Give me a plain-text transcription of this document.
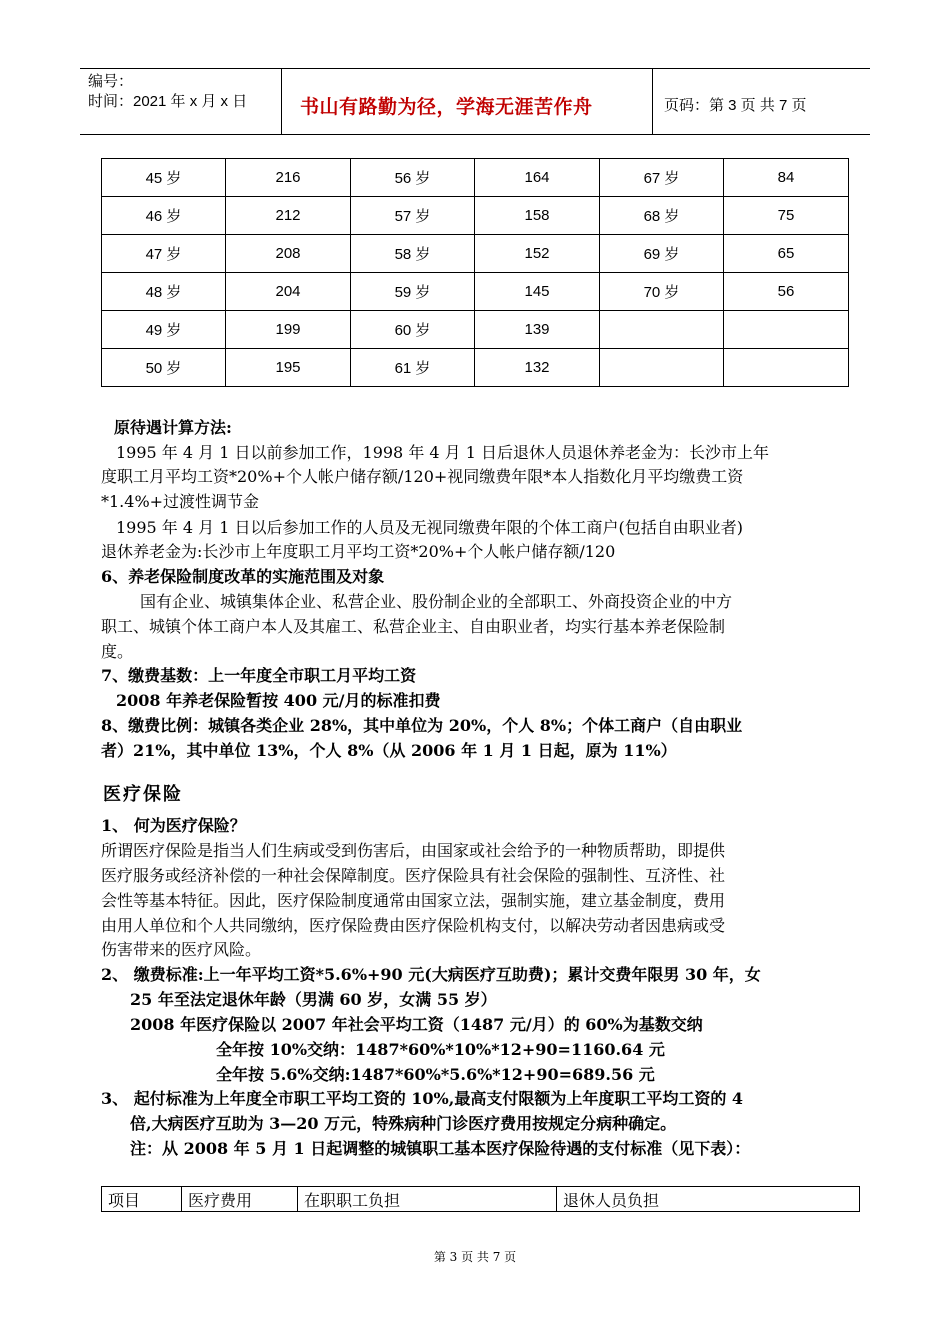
编号：
时间：2021 年 x 月 x 日	书山有路勤为径，学海无涯苦作舟	页码：第 3 页 共 7 页
45 岁	216	56 岁	164	67 岁	84
46 岁	212	57 岁	158	68 岁	75
47 岁	208	58 岁	152	69 岁	65
48 岁	204	59 岁	145	70 岁	56
49 岁	199	60 岁	139		
50 岁	195	61 岁	132		
原待遇计算方法:
1995 年 4 月 1 日以前参加工作，1998 年 4 月 1 日后退休人员退休养老金为：长沙市上年
度职工月平均工资*20%+个人帐户储存额/120+视同缴费年限*本人指数化月平均缴费工资
*1.4%+过渡性调节金
1995 年 4 月 1 日以后参加工作的人员及无视同缴费年限的个体工商户(包括自由职业者)
退休养老金为:长沙市上年度职工月平均工资*20%+个人帐户储存额/120
6、养老保险制度改革的实施范围及对象
国有企业、城镇集体企业、私营企业、股份制企业的全部职工、外商投资企业的中方
职工、城镇个体工商户本人及其雇工、私营企业主、自由职业者，均实行基本养老保险制
度。
7、缴费基数：上一年度全市职工月平均工资
2008 年养老保险暂按 400 元/月的标准扣费
8、缴费比例：城镇各类企业 28%，其中单位为 20%，个人 8%；个体工商户（自由职业
者）21%，其中单位 13%，个人 8%（从 2006 年 1 月 1 日起，原为 11%）
医疗保险
1、 何为医疗保险？
所谓医疗保险是指当人们生病或受到伤害后，由国家或社会给予的一种物质帮助，即提供
医疗服务或经济补偿的一种社会保障制度。医疗保险具有社会保险的强制性、互济性、社
会性等基本特征。因此，医疗保险制度通常由国家立法，强制实施，建立基金制度，费用
由用人单位和个人共同缴纳，医疗保险费由医疗保险机构支付，以解决劳动者因患病或受
伤害带来的医疗风险。
2、 缴费标准:上一年平均工资*5.6%+90 元(大病医疗互助费)；累计交费年限男 30 年，女
25 年至法定退休年龄（男满 60 岁，女满 55 岁）
2008 年医疗保险以 2007 年社会平均工资（1487 元/月）的 60%为基数交纳
全年按 10%交纳：1487*60%*10%*12+90=1160.64 元
全年按 5.6%交纳:1487*60%*5.6%*12+90=689.56 元
3、 起付标准为上年度全市职工平均工资的 10%,最高支付限额为上年度职工平均工资的 4
倍,大病医疗互助为 3—20 万元，特殊病种门诊医疗费用按规定分病种确定。
注：从 2008 年 5 月 1 日起调整的城镇职工基本医疗保险待遇的支付标准（见下表）：
项目	医疗费用	在职职工负担	退休人员负担
第 3 页 共 7 页
